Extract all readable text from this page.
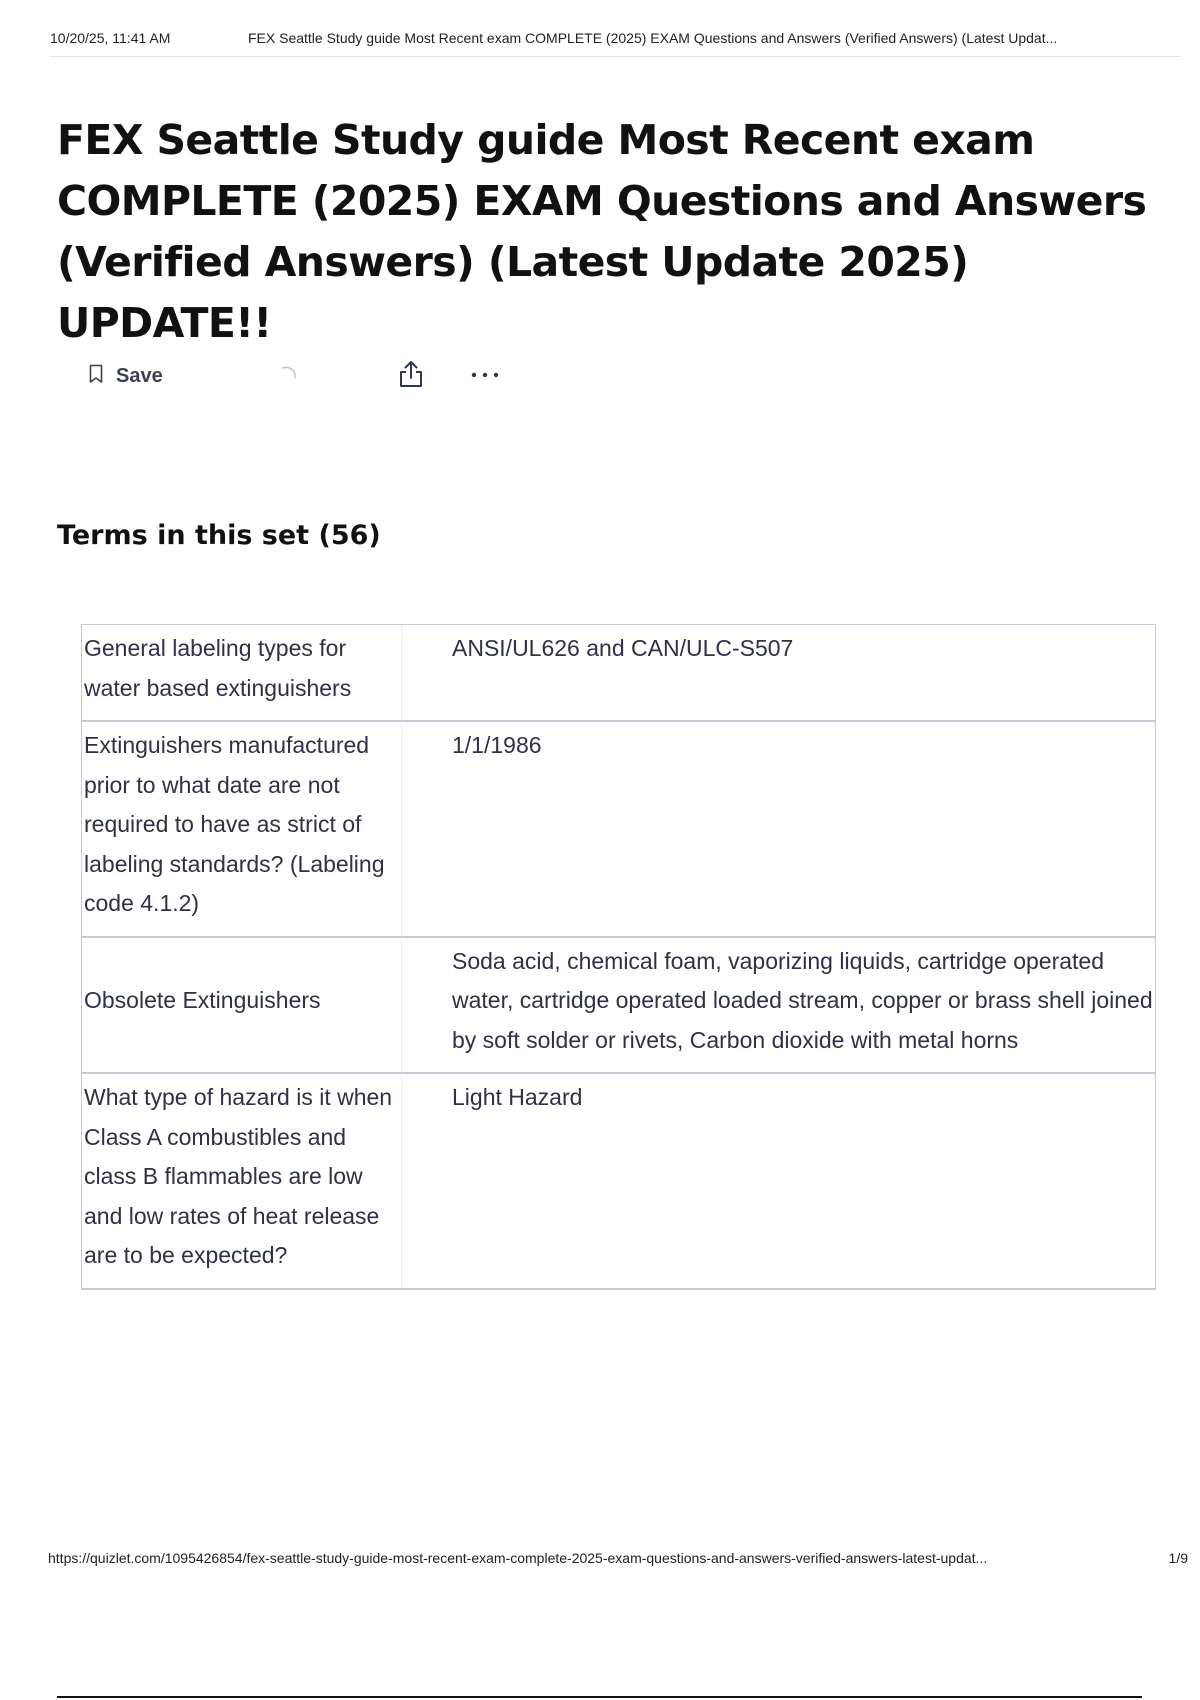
10/20/25, 11:41 AM	FEX Seattle Study guide Most Recent exam COMPLETE (2025) EXAM Questions and Answers (Verified Answers) (Latest Updat...
FEX Seattle Study guide Most Recent exam COMPLETE (2025) EXAM Questions and Answers (Verified Answers) (Latest Update 2025) UPDATE!!
Save
Terms in this set (56)
General labeling types for water based extinguishers
ANSI/UL626 and CAN/ULC-S507
Extinguishers manufactured prior to what date are not required to have as strict of labeling standards? (Labeling code 4.1.2)
1/1/1986
Obsolete Extinguishers
Soda acid, chemical foam, vaporizing liquids, cartridge operated water, cartridge operated loaded stream, copper or brass shell joined by soft solder or rivets, Carbon dioxide with metal horns
What type of hazard is it when Class A combustibles and class B flammables are low and low rates of heat release are to be expected?
Light Hazard
https://quizlet.com/1095426854/fex-seattle-study-guide-most-recent-exam-complete-2025-exam-questions-and-answers-verified-answers-latest-updat...	1/9
